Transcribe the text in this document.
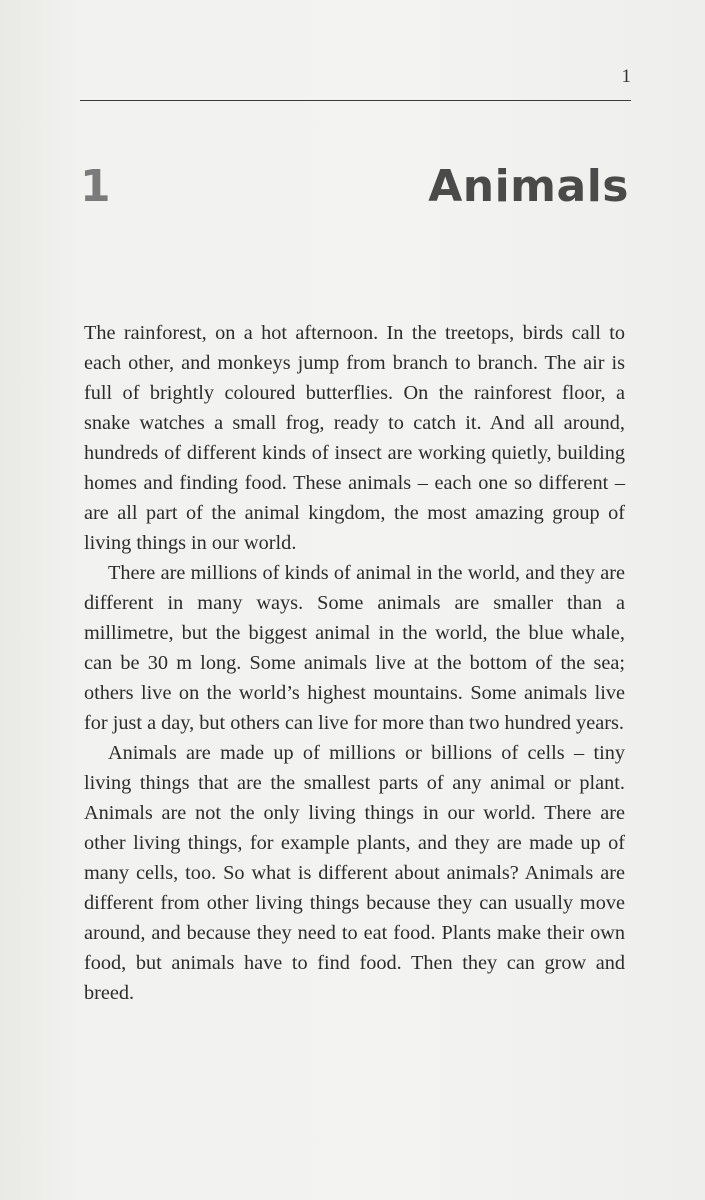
1
1	Animals

The rainforest, on a hot afternoon. In the treetops, birds call to each other, and monkeys jump from branch to branch. The air is full of brightly coloured butterflies. On the rainforest floor, a snake watches a small frog, ready to catch it. And all around, hundreds of different kinds of insect are working quietly, building homes and finding food. These animals – each one so different – are all part of the animal kingdom, the most amazing group of living things in our world.

There are millions of kinds of animal in the world, and they are different in many ways. Some animals are smaller than a millimetre, but the biggest animal in the world, the blue whale, can be 30 m long. Some animals live at the bottom of the sea; others live on the world’s highest mountains. Some animals live for just a day, but others can live for more than two hundred years.

Animals are made up of millions or billions of cells – tiny living things that are the smallest parts of any animal or plant. Animals are not the only living things in our world. There are other living things, for example plants, and they are made up of many cells, too. So what is different about animals? Animals are different from other living things because they can usually move around, and because they need to eat food. Plants make their own food, but animals have to find food. Then they can grow and breed.
